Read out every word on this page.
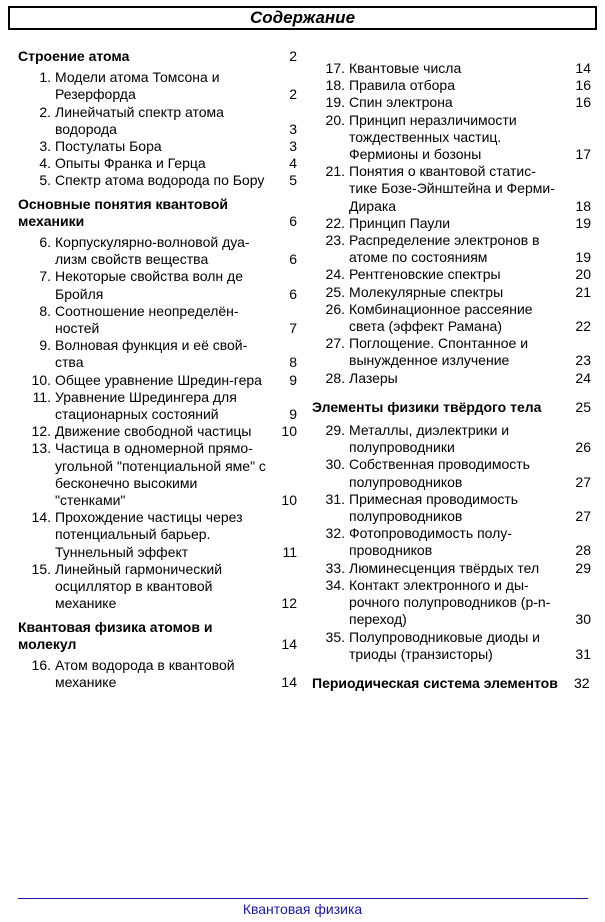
Содержание
Строение атома	2
1. Модели атома Томсона и Резерфорда	2
2. Линейчатый спектр атома водорода	3
3. Постулаты Бора	3
4. Опыты Франка и Герца	4
5. Спектр атома водорода по Бору 5
Основные понятия квантовой механики	6
6. Корпускулярно-волновой дуа-лизм свойств вещества	6
7. Некоторые свойства волн де Бройля	6
8. Соотношение неопределён-ностей	7
9. Волновая функция и её свой-ства	8
10. Общее уравнение Шредин-гера 9
11. Уравнение Шредингера для стационарных состояний	9
12. Движение свободной частицы 10
13. Частица в одномерной прямо-угольной "потенциальной яме" с бесконечно высокими "стенками"	10
14. Прохождение частицы через потенциальный барьер. Туннельный эффект	11
15. Линейный гармонический осциллятор в квантовой механике	12
Квантовая физика атомов и молекул	14
16. Атом водорода в квантовой механике	14
17. Квантовые числа	14
18. Правила отбора	16
19. Спин электрона	16
20. Принцип неразличимости тождественных частиц. Фермионы и бозоны	17
21. Понятия о квантовой статис-тике Бозе-Эйнштейна и Ферми-Дирака	18
22. Принцип Паули	19
23. Распределение электронов в атоме по состояниям	19
24. Рентгеновские спектры	20
25. Молекулярные спектры	21
26. Комбинационное рассеяние света (эффект Рамана)	22
27. Поглощение. Спонтанное и вынужденное излучение	23
28. Лазеры	24
Элементы физики твёрдого тела 25
29. Металлы, диэлектрики и полупроводники	26
30. Собственная проводимость полупроводников	27
31. Примесная проводимость полупроводников	27
32. Фотопроводимость полу-проводников	28
33. Люминесценция твёрдых тел	29
34. Контакт электронного и ды-рочного полупроводников (p-n-переход)	30
35. Полупроводниковые диоды и триоды (транзисторы)	31
Периодическая система элементов 32
Квантовая физика
